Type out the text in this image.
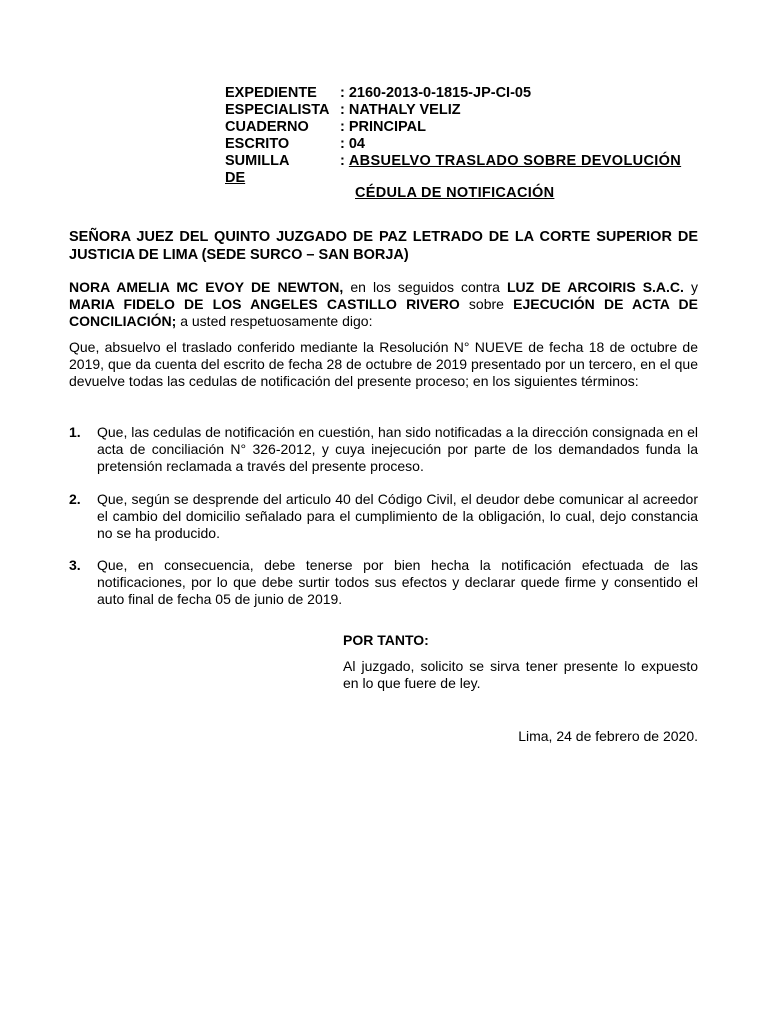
EXPEDIENTE	: 2160-2013-0-1815-JP-CI-05
ESPECIALISTA : NATHALY VELIZ
CUADERNO	: PRINCIPAL
ESCRITO	: 04
SUMILLA	: ABSUELVO TRASLADO SOBRE DEVOLUCIÓN
DE
CÉDULA DE NOTIFICACIÓN
SEÑORA JUEZ DEL QUINTO JUZGADO DE PAZ LETRADO DE LA CORTE SUPERIOR DE JUSTICIA DE LIMA (SEDE SURCO – SAN BORJA)
NORA AMELIA MC EVOY DE NEWTON, en los seguidos contra LUZ DE ARCOIRIS S.A.C. y MARIA FIDELO DE LOS ANGELES CASTILLO RIVERO sobre EJECUCIÓN DE ACTA DE CONCILIACIÓN; a usted respetuosamente digo:
Que, absuelvo el traslado conferido mediante la Resolución N° NUEVE de fecha 18 de octubre de 2019, que da cuenta del escrito de fecha 28 de octubre de 2019 presentado por un tercero, en el que devuelve todas las cedulas de notificación del presente proceso; en los siguientes términos:
1.	Que, las cedulas de notificación en cuestión, han sido notificadas a la dirección consignada en el acta de conciliación N° 326-2012, y cuya inejecución por parte de los demandados funda la pretensión reclamada a través del presente proceso.
2.	Que, según se desprende del articulo 40 del Código Civil, el deudor debe comunicar al acreedor el cambio del domicilio señalado para el cumplimiento de la obligación, lo cual, dejo constancia no se ha producido.
3.	Que, en consecuencia, debe tenerse por bien hecha la notificación efectuada de las notificaciones, por lo que debe surtir todos sus efectos y declarar quede firme y consentido el auto final de fecha 05 de junio de 2019.
POR TANTO:
Al juzgado, solicito se sirva tener presente lo expuesto en lo que fuere de ley.
Lima, 24 de febrero de 2020.
